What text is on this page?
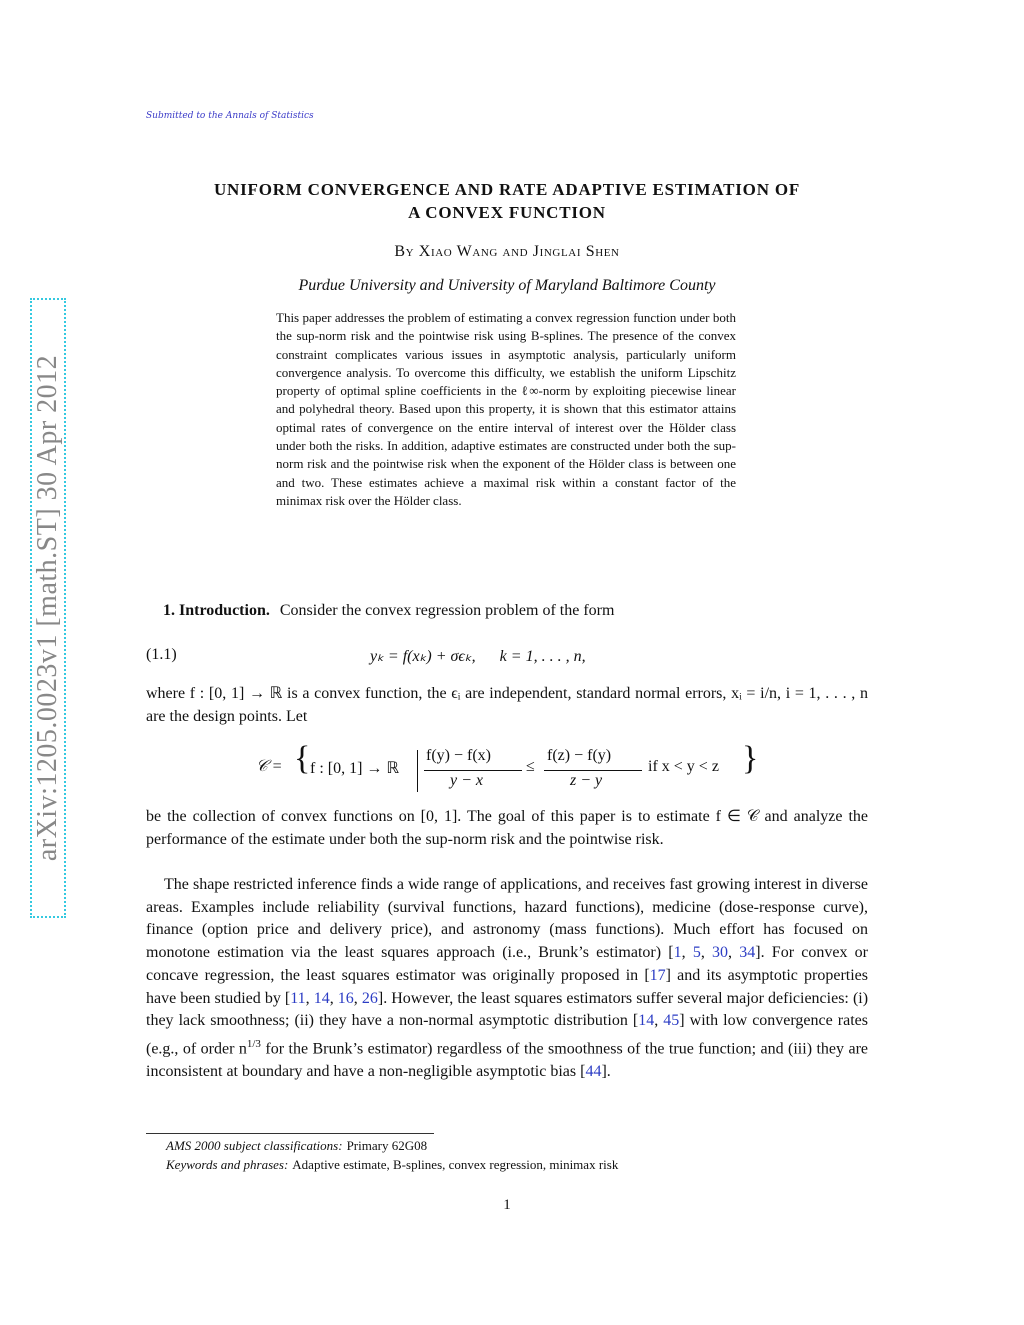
Submitted to the Annals of Statistics
arXiv:1205.0023v1 [math.ST] 30 Apr 2012
UNIFORM CONVERGENCE AND RATE ADAPTIVE ESTIMATION OF
A CONVEX FUNCTION
By Xiao Wang and Jinglai Shen
Purdue University and University of Maryland Baltimore County
This paper addresses the problem of estimating a convex regression function under both the sup-norm risk and the pointwise risk using B-splines. The presence of the convex constraint complicates various issues in asymptotic analysis, particularly uniform convergence analysis. To overcome this difficulty, we establish the uniform Lipschitz property of optimal spline coefficients in the ℓ∞-norm by exploiting piecewise linear and polyhedral theory. Based upon this property, it is shown that this estimator attains optimal rates of convergence on the entire interval of interest over the Hölder class under both the risks. In addition, adaptive estimates are constructed under both the sup-norm risk and the pointwise risk when the exponent of the Hölder class is between one and two. These estimates achieve a maximal risk within a constant factor of the minimax risk over the Hölder class.
1. Introduction. Consider the convex regression problem of the form
(1.1)	yₖ = f(xₖ) + σϵₖ,      k = 1, . . . , n,
where f : [0, 1] → ℝ is a convex function, the ϵᵢ are independent, standard normal errors, xᵢ = i/n, i = 1, . . . , n are the design points. Let
𝒞 = { f : [0, 1] → ℝ
f(y) − f(x)
y − x
≤
f(z) − f(y)
z − y
if x < y < z }
be the collection of convex functions on [0, 1]. The goal of this paper is to estimate f ∈ 𝒞 and analyze the performance of the estimate under both the sup-norm risk and the pointwise risk.
The shape restricted inference finds a wide range of applications, and receives fast growing interest in diverse areas. Examples include reliability (survival functions, hazard functions), medicine (dose-response curve), finance (option price and delivery price), and astronomy (mass functions). Much effort has focused on monotone estimation via the least squares approach (i.e., Brunk’s estimator) [1, 5, 30, 34]. For convex or concave regression, the least squares estimator was originally proposed in [17] and its asymptotic properties have been studied by [11, 14, 16, 26]. However, the least squares estimators suffer several major deficiencies: (i) they lack smoothness; (ii) they have a non-normal asymptotic distribution [14, 45] with low convergence rates (e.g., of order $n^{1/3}$ for the Brunk’s estimator) regardless of the smoothness of the true function; and (iii) they are inconsistent at boundary and have a non-negligible asymptotic bias [44].
AMS 2000 subject classifications: Primary 62G08
Keywords and phrases: Adaptive estimate, B-splines, convex regression, minimax risk
1
